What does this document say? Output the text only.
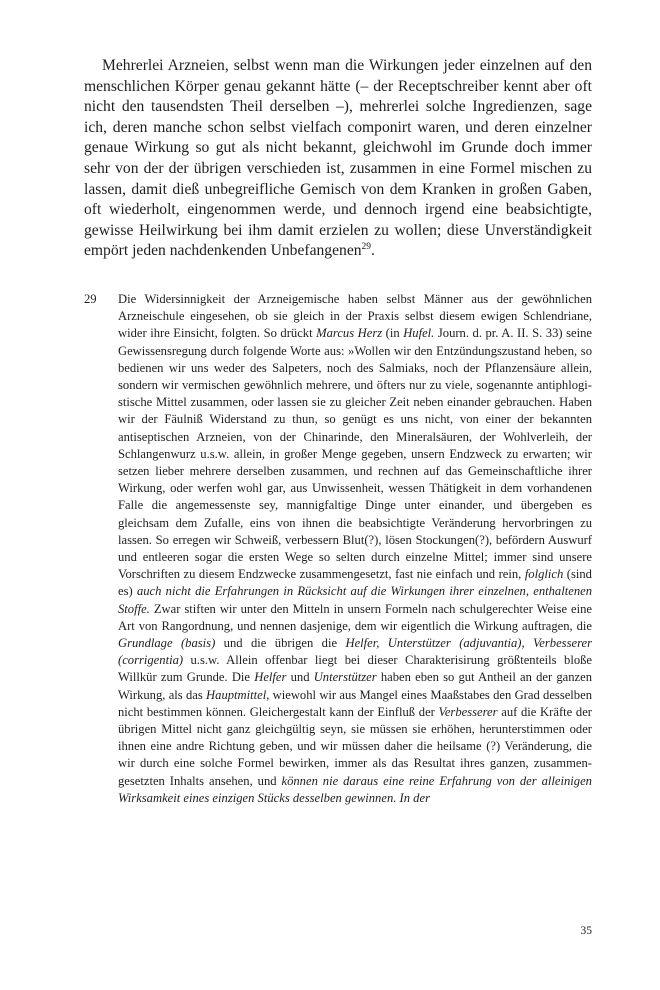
Mehrerlei Arzneien, selbst wenn man die Wirkungen jeder einzelnen auf den menschlichen Körper genau gekannt hätte (– der Receptschreiber kennt aber oft nicht den tausendsten Theil derselben –), mehrerlei solche Ingredienzen, sage ich, deren manche schon selbst vielfach componirt waren, und deren einzelner genaue Wirkung so gut als nicht bekannt, gleichwohl im Grunde doch immer sehr von der der übrigen verschieden ist, zusammen in eine Formel mischen zu lassen, damit dieß unbegreifliche Gemisch von dem Kranken in großen Gaben, oft wiederholt, eingenommen werde, und dennoch irgend eine beabsichtigte, gewisse Heilwirkung bei ihm damit erzielen zu wollen; diese Unverständigkeit empört jeden nachdenkenden Unbefangenen$^{29}$.

29 Die Widersinnigkeit der Arzneigemische haben selbst Männer aus der gewöhnlichen Arzneischule eingesehen, ob sie gleich in der Praxis selbst diesem ewigen Schlendriane, wider ihre Einsicht, folgten. So drückt Marcus Herz (in Hufel. Journ. d. pr. A. II. S. 33) seine Gewissensregung durch folgende Worte aus: »Wollen wir den Entzündungszustand heben, so bedienen wir uns weder des Salpeters, noch des Salmiaks, noch der Pflanzensäure allein, sondern wir vermischen gewöhnlich mehrere, und öfters nur zu viele, sogenannte antiphlogistische Mittel zusammen, oder lassen sie zu gleicher Zeit neben einander gebrauchen. Haben wir der Fäulniß Widerstand zu thun, so genügt es uns nicht, von einer der bekannten antiseptischen Arzneien, von der Chinarinde, den Mineralsäuren, der Wohlverleih, der Schlangenwurz u.s.w. allein, in großer Menge gegeben, unsern Endzweck zu erwarten; wir setzen lieber mehrere derselben zusammen, und rechnen auf das Gemeinschaftliche ihrer Wirkung, oder werfen wohl gar, aus Unwissenheit, wessen Thätigkeit in dem vorhandenen Falle die angemessenste sey, mannigfaltige Dinge unter einander, und übergeben es gleichsam dem Zufalle, eins von ihnen die beabsichtigte Veränderung hervorbringen zu lassen. So erregen wir Schweiß, verbessern Blut(?), lösen Stockungen(?), befördern Auswurf und entleeren sogar die ersten Wege so selten durch einzelne Mittel; immer sind unsere Vorschriften zu diesem Endzwecke zusammengesetzt, fast nie einfach und rein, folglich (sind es) auch nicht die Erfahrungen in Rücksicht auf die Wirkungen ihrer einzelnen, enthaltenen Stoffe. Zwar stiften wir unter den Mitteln in unsern Formeln nach schulgerechter Weise eine Art von Rangordnung, und nennen dasjenige, dem wir eigentlich die Wirkung auftragen, die Grundlage (basis) und die übrigen die Helfer, Unterstützer (adjuvantia), Verbesserer (corrigentia) u.s.w. Allein offenbar liegt bei dieser Charakterisirung größtenteils bloße Willkür zum Grunde. Die Helfer und Unterstützer haben eben so gut Antheil an der ganzen Wirkung, als das Hauptmittel, wiewohl wir aus Mangel eines Maaßstabes den Grad desselben nicht bestimmen können. Gleichergestalt kann der Einfluß der Verbesserer auf die Kräfte der übrigen Mittel nicht ganz gleichgültig seyn, sie müssen sie erhöhen, herunterstimmen oder ihnen eine andre Richtung geben, und wir müssen daher die heilsame (?) Veränderung, die wir durch eine solche Formel bewirken, immer als das Resultat ihres ganzen, zusammengesetzten Inhalts ansehen, und können nie daraus eine reine Erfahrung von der alleinigen Wirksamkeit eines einzigen Stücks desselben gewinnen. In der

35
